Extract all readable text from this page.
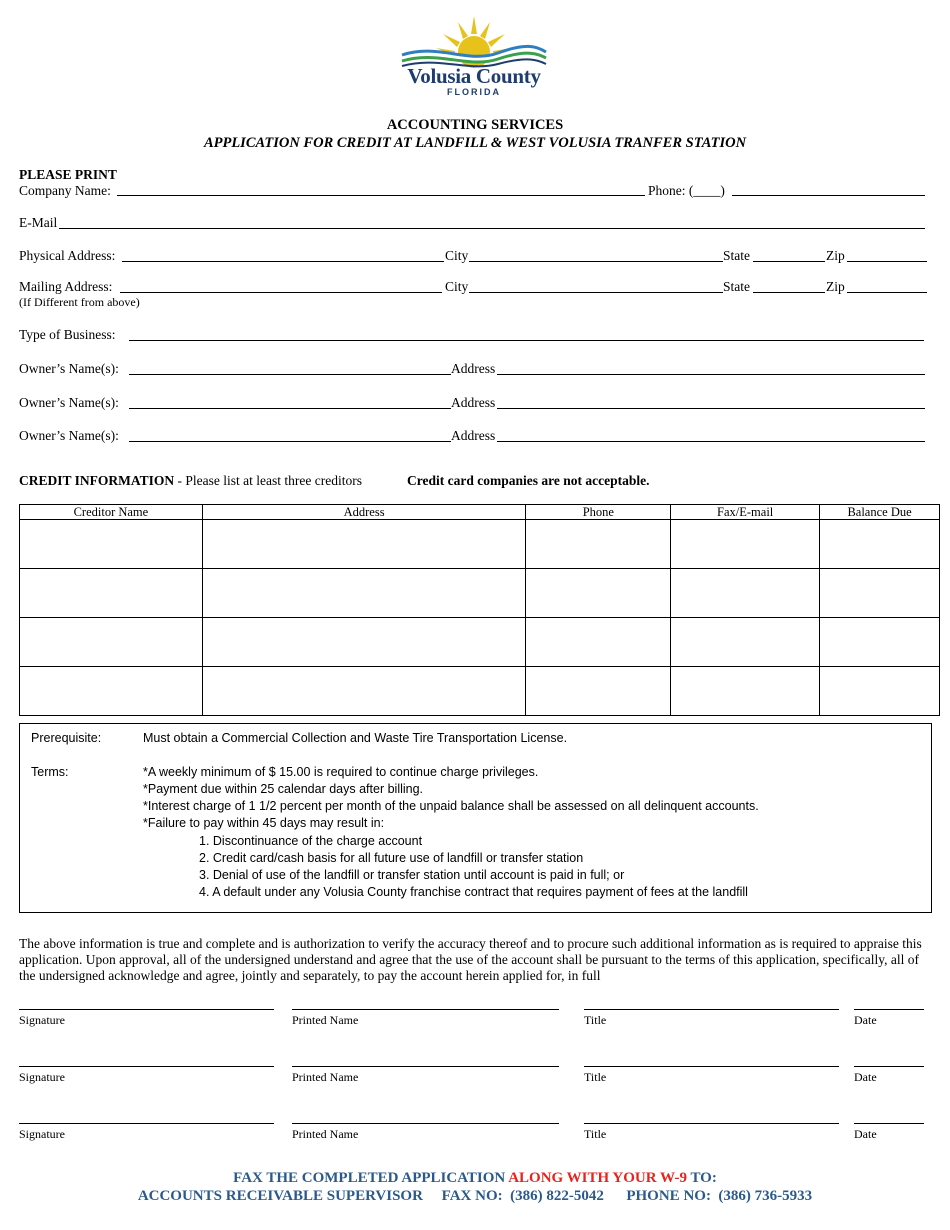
Volusia County
FLORIDA
ACCOUNTING SERVICES
APPLICATION FOR CREDIT AT LANDFILL & WEST VOLUSIA TRANFER STATION
PLEASE PRINT
Company Name:	Phone: (____)
E-Mail
Physical Address:	City	State	Zip
Mailing Address:	City	State	Zip
(If Different from above)
Type of Business:
Owner’s Name(s):	Address
Owner’s Name(s):	Address
Owner’s Name(s):	Address
CREDIT INFORMATION - Please list at least three creditors	Credit card companies are not acceptable.
Creditor Name	Address	Phone	Fax/E-mail	Balance Due

Prerequisite:	Must obtain a Commercial Collection and Waste Tire Transportation License.
Terms:	*A weekly minimum of $ 15.00 is required to continue charge privileges.
*Payment due within 25 calendar days after billing.
*Interest charge of 1 1/2 percent per month of the unpaid balance shall be assessed on all delinquent accounts.
*Failure to pay within 45 days may result in:
1. Discontinuance of the charge account
2. Credit card/cash basis for all future use of landfill or transfer station
3. Denial of use of the landfill or transfer station until account is paid in full; or
4. A default under any Volusia County franchise contract that requires payment of fees at the landfill
The above information is true and complete and is authorization to verify the accuracy thereof and to procure such additional information as is required to appraise this application. Upon approval, all of the undersigned understand and agree that the use of the account shall be pursuant to the terms of this application, specifically, all of the undersigned acknowledge and agree, jointly and separately, to pay the account herein applied for, in full
Signature	Printed Name	Title	Date
Signature	Printed Name	Title	Date
Signature	Printed Name	Title	Date
FAX THE COMPLETED APPLICATION ALONG WITH YOUR W-9 TO:
ACCOUNTS RECEIVABLE SUPERVISOR     FAX NO:  (386) 822-5042      PHONE NO:  (386) 736-5933
